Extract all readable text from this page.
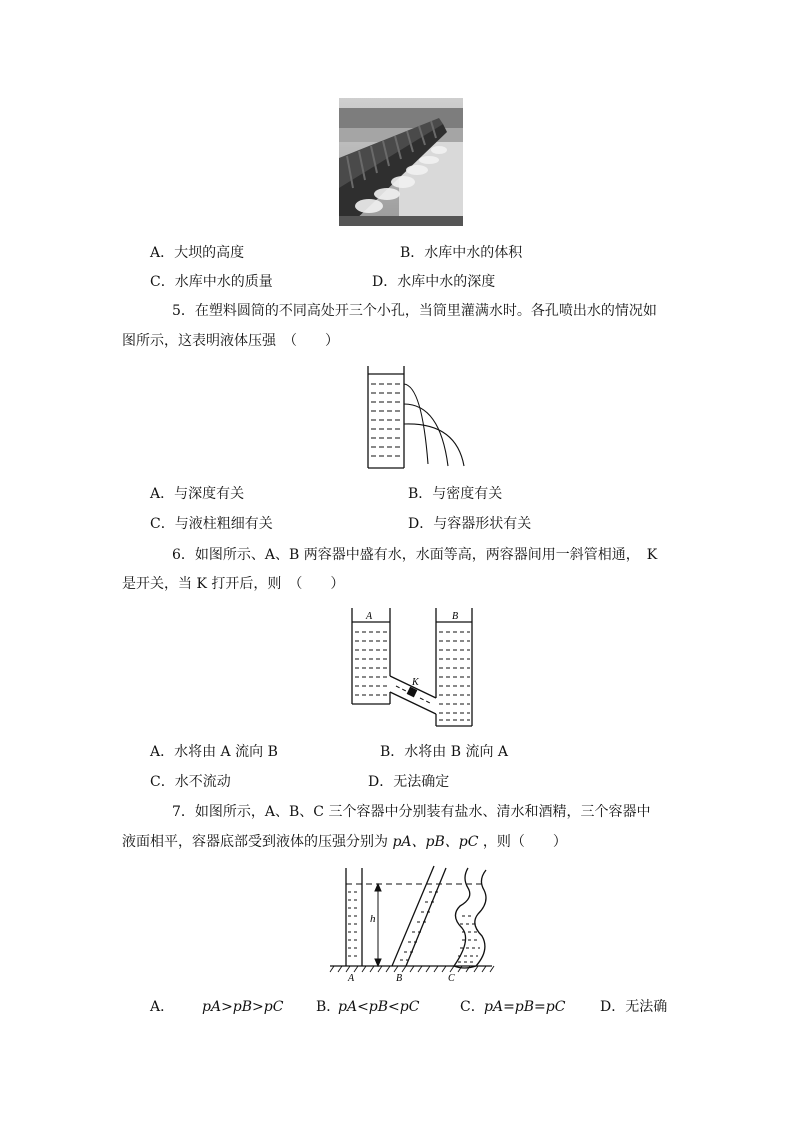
A．大坝的高度	B．水库中水的体积
C．水库中水的质量	D．水库中水的深度
5．在塑料圆筒的不同高处开三个小孔，当筒里灌满水时。各孔喷出水的情况如
图所示，这表明液体压强　（　　）
A．与深度有关	B．与密度有关
C．与液柱粗细有关	D．与容器形状有关
6．如图所示、A、B 两容器中盛有水，水面等高，两容器间用一斜管相通，　K
是开关，当 K 打开后，则　（　　）
A	B
K
A．水将由 A 流向 B	B．水将由 B 流向 A
C．水不流动	D．无法确定
7．如图所示，A、B、C 三个容器中分别装有盐水、清水和酒精，三个容器中
液面相平，容器底部受到液体的压强分别为 pA、pB、pC ，则（　　）
A	B	C
h
A． pA>pB>pC B．
pA<pB<pC	C． pA=pB=pC D．无法确
